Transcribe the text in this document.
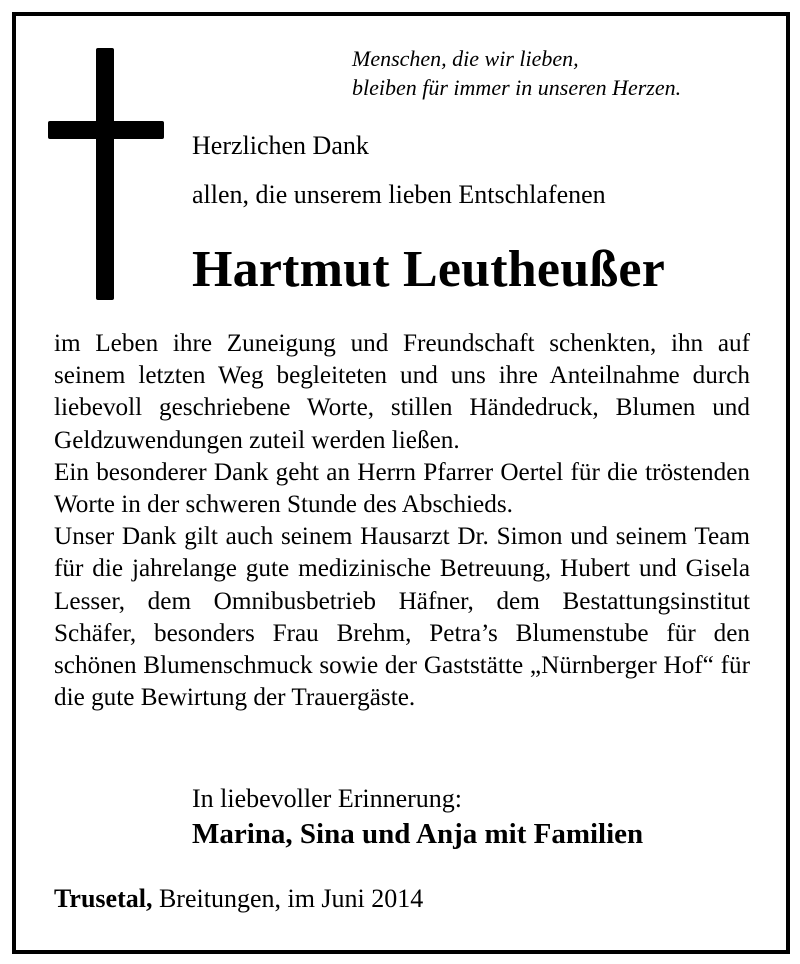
Menschen, die wir lieben,
bleiben für immer in unseren Herzen.
Herzlichen Dank
allen, die unserem lieben Entschlafenen
Hartmut Leutheußer

im Leben ihre Zuneigung und Freundschaft schenkten, ihn auf seinem letzten Weg begleiteten und uns ihre Anteilnahme durch liebevoll geschriebene Worte, stillen Händedruck, Blumen und Geldzuwendungen zuteil werden ließen.

Ein besonderer Dank geht an Herrn Pfarrer Oertel für die tröstenden Worte in der schweren Stunde des Abschieds.

Unser Dank gilt auch seinem Hausarzt Dr. Simon und seinem Team für die jahrelange gute medizinische Betreuung, Hubert und Gisela Lesser, dem Omnibusbetrieb Häfner, dem Bestattungsinstitut Schäfer, besonders Frau Brehm, Petra’s Blumenstube für den schönen Blumenschmuck sowie der Gaststätte „Nürnberger Hof“ für die gute Bewirtung der Trauergäste.

In liebevoller Erinnerung:
Marina, Sina und Anja mit Familien
Trusetal, Breitungen, im Juni 2014
